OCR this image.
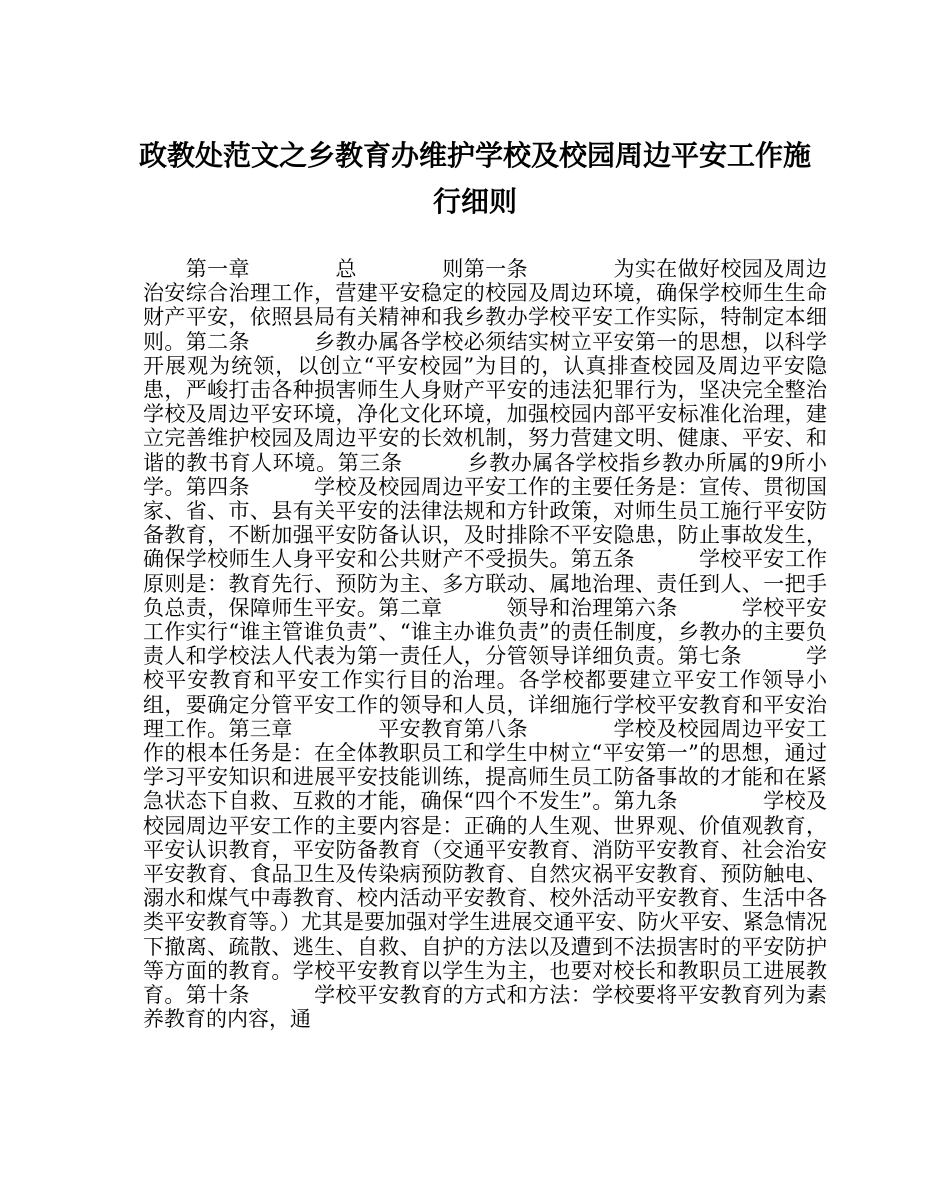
政教处范文之乡教育办维护学校及校园周边平安工作施行细则

　　第一章　　　　总　　　　则第一条　　　　为实在做好校园及周边治安综合治理工作，营建平安稳定的校园及周边环境，确保学校师生生命财产平安，依照县局有关精神和我乡教办学校平安工作实际，特制定本细则。第二条　　　乡教办属各学校必须结实树立平安第一的思想，以科学开展观为统领，以创立“平安校园”为目的，认真排查校园及周边平安隐患，严峻打击各种损害师生人身财产平安的违法犯罪行为，坚决完全整治学校及周边平安环境，净化文化环境，加强校园内部平安标准化治理，建立完善维护校园及周边平安的长效机制，努力营建文明、健康、平安、和谐的教书育人环境。第三条　　　乡教办属各学校指乡教办所属的9所小学。第四条　　　学校及校园周边平安工作的主要任务是：宣传、贯彻国家、省、市、县有关平安的法律法规和方针政策，对师生员工施行平安防备教育，不断加强平安防备认识，及时排除不平安隐患，防止事故发生，确保学校师生人身平安和公共财产不受损失。第五条　　　学校平安工作原则是：教育先行、预防为主、多方联动、属地治理、责任到人、一把手负总责，保障师生平安。第二章　　　领导和治理第六条　　　学校平安工作实行“谁主管谁负责”、“谁主办谁负责”的责任制度，乡教办的主要负责人和学校法人代表为第一责任人，分管领导详细负责。第七条　　　学校平安教育和平安工作实行目的治理。各学校都要建立平安工作领导小组，要确定分管平安工作的领导和人员，详细施行学校平安教育和平安治理工作。第三章　　　　平安教育第八条　　　　学校及校园周边平安工作的根本任务是：在全体教职员工和学生中树立“平安第一”的思想，通过学习平安知识和进展平安技能训练，提高师生员工防备事故的才能和在紧急状态下自救、互救的才能，确保“四个不发生”。第九条　　　　学校及校园周边平安工作的主要内容是：正确的人生观、世界观、价值观教育，平安认识教育，平安防备教育（交通平安教育、消防平安教育、社会治安平安教育、食品卫生及传染病预防教育、自然灾祸平安教育、预防触电、溺水和煤气中毒教育、校内活动平安教育、校外活动平安教育、生活中各类平安教育等。）尤其是要加强对学生进展交通平安、防火平安、紧急情况下撤离、疏散、逃生、自救、自护的方法以及遭到不法损害时的平安防护等方面的教育。学校平安教育以学生为主，也要对校长和教职员工进展教育。第十条　　　学校平安教育的方式和方法：学校要将平安教育列为素养教育的内容，通
